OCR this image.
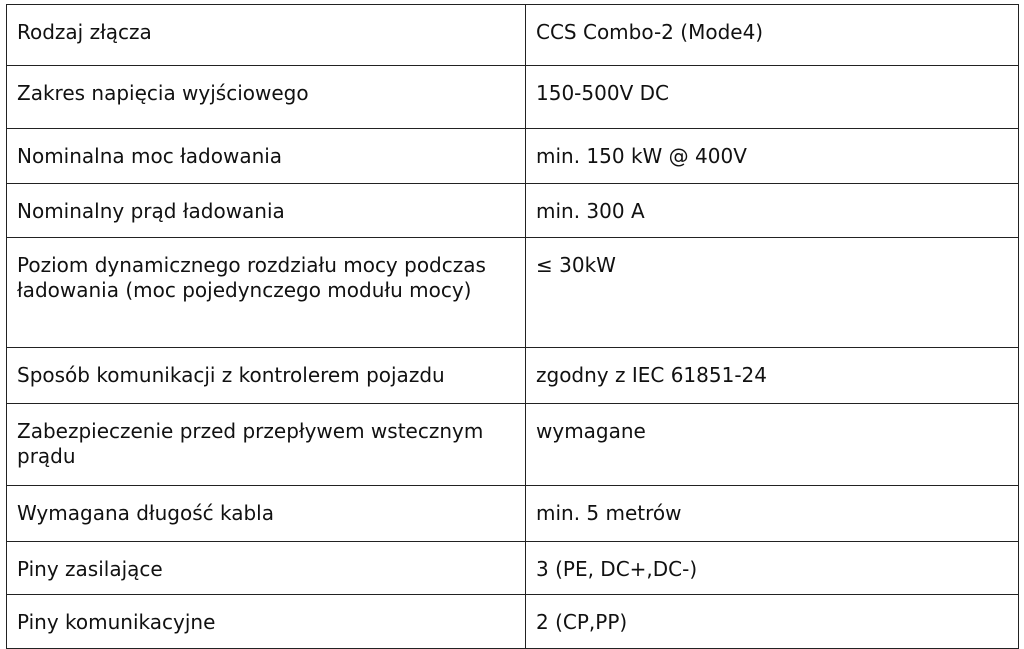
Rodzaj złącza	CCS Combo-2 (Mode4)
Zakres napięcia wyjściowego	150-500V DC
Nominalna moc ładowania	min. 150 kW @ 400V
Nominalny prąd ładowania	min. 300 A
Poziom dynamicznego rozdziału mocy podczas ładowania (moc pojedynczego modułu mocy)	≤ 30kW
Sposób komunikacji z kontrolerem pojazdu	zgodny z IEC 61851-24
Zabezpieczenie przed przepływem wstecznym prądu	wymagane
Wymagana długość kabla	min. 5 metrów
Piny zasilające	3 (PE, DC+,DC-)
Piny komunikacyjne	2 (CP,PP)
